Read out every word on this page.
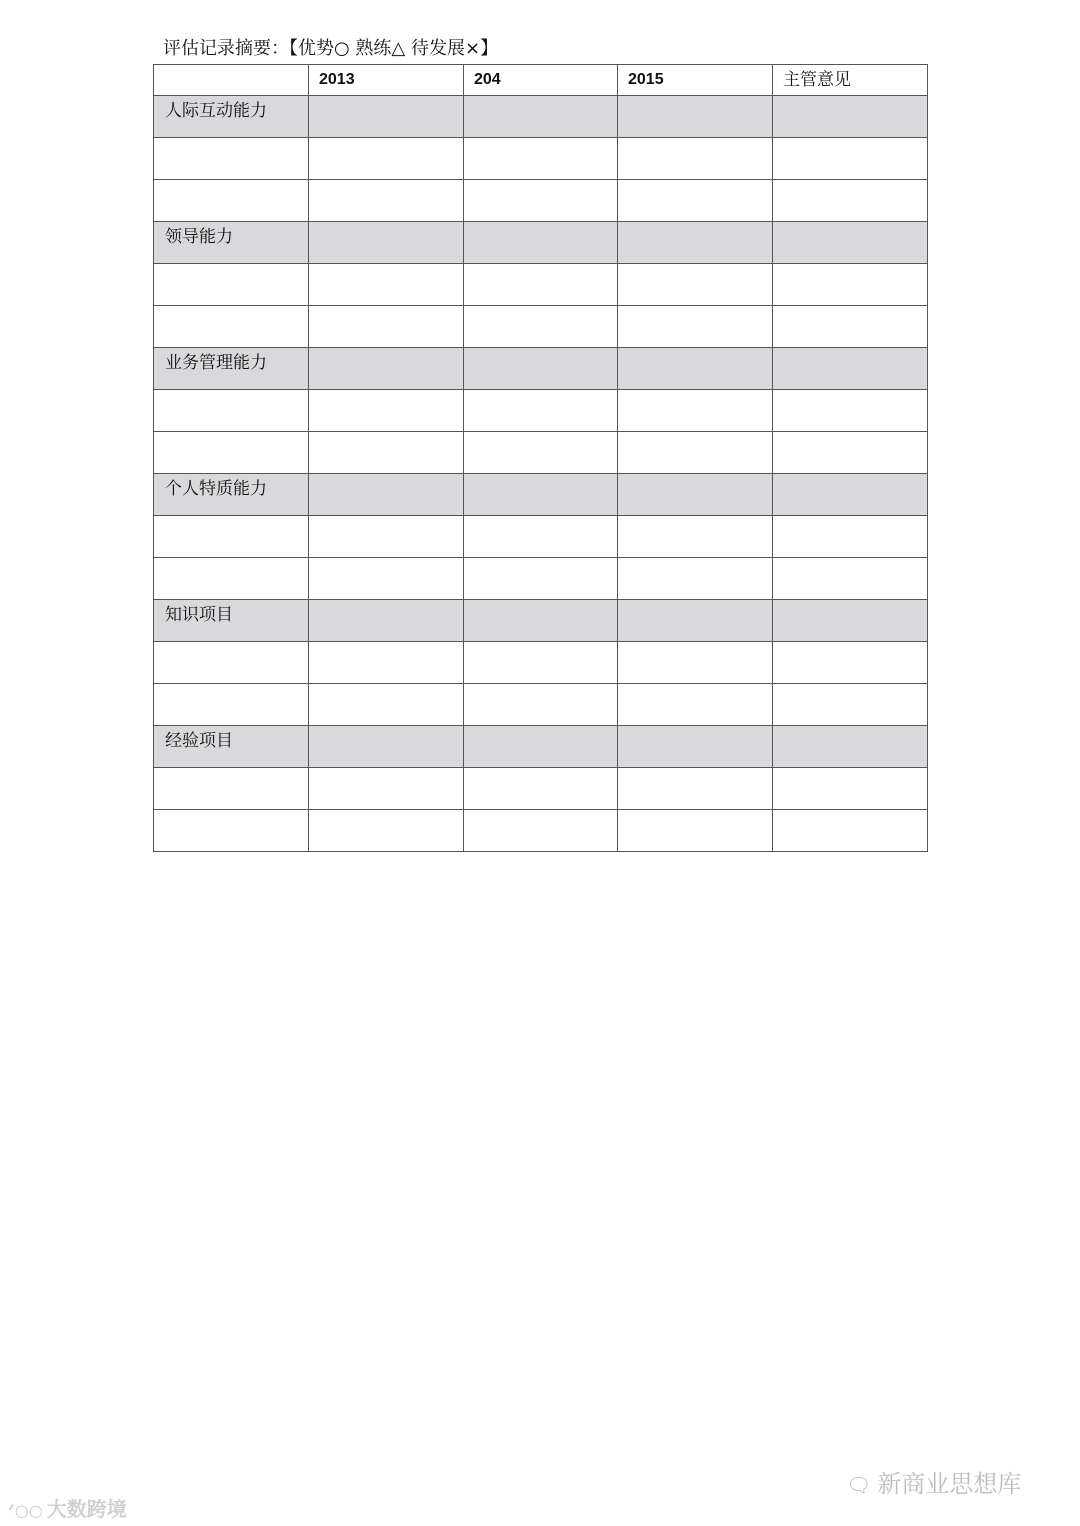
评估记录摘要：【优势○ 熟练△ 待发展×】
	2013	204	2015	主管意见

人际互动能力				

领导能力				

业务管理能力				

个人特质能力				

知识项目				

经验项目				

ᐟ○○ 大数跨境
🗨 新商业思想库
